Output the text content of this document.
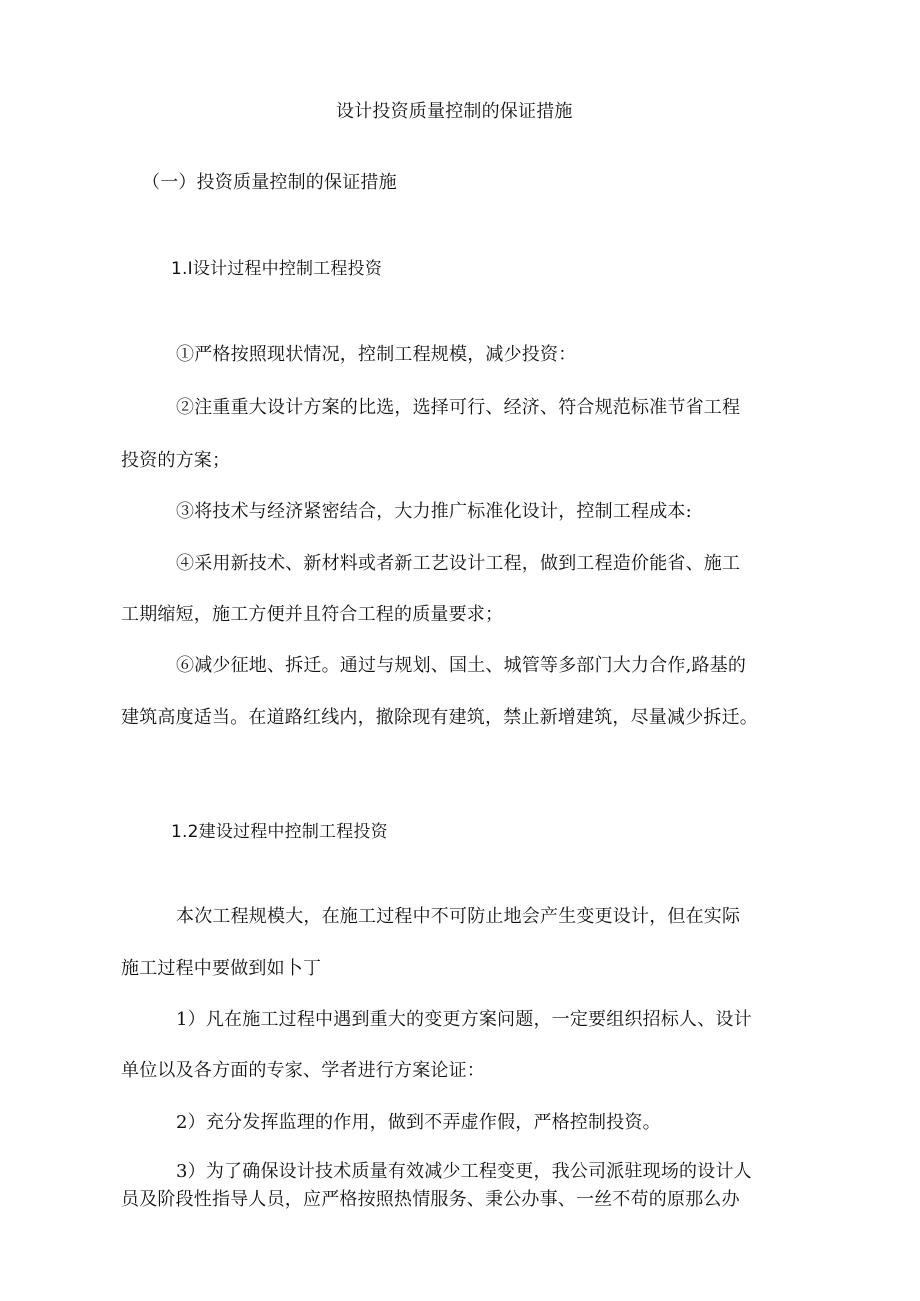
设计投资质量控制的保证措施
（一）投资质量控制的保证措施
1.I设计过程中控制工程投资
①严格按照现状情况，控制工程规模，减少投资：
②注重重大设计方案的比选，选择可行、经济、符合规范标准节省工程
投资的方案；
③将技术与经济紧密结合，大力推广标准化设计，控制工程成本:
④采用新技术、新材料或者新工艺设计工程，做到工程造价能省、施工
工期缩短，施工方便并且符合工程的质量要求；
⑥减少征地、拆迁。通过与规划、国土、城管等多部门大力合作,路基的
建筑高度适当。在道路红线内，撤除现有建筑，禁止新增建筑，尽量减少拆迁。
1.2建设过程中控制工程投资
本次工程规模大，在施工过程中不可防止地会产生变更设计，但在实际
施工过程中要做到如卜丁
1）凡在施工过程中遇到重大的变更方案问题，一定要组织招标人、设计
单位以及各方面的专家、学者进行方案论证：
2）充分发挥监理的作用，做到不弄虚作假，严格控制投资。
3）为了确保设计技术质量有效减少工程变更，我公司派驻现场的设计人
员及阶段性指导人员，应严格按照热情服务、秉公办事、一丝不苟的原那么办
